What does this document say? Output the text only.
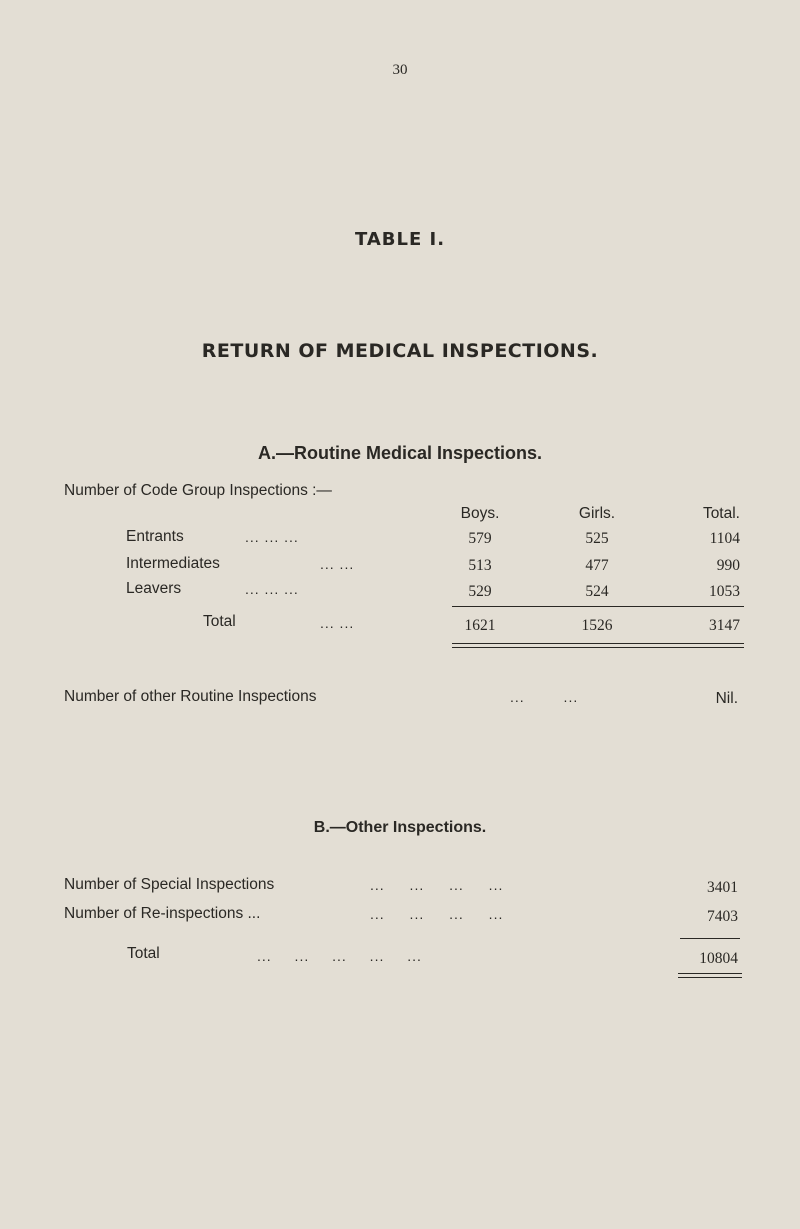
30
TABLE I.
RETURN OF MEDICAL INSPECTIONS.
A.—Routine Medical Inspections.
Number of Code Group Inspections :—
Boys.	Girls.	Total.
Entrants	... ... ...	579	525	1104
Intermediates	... ...	513	477	990
Leavers	... ... ...	529	524	1053
Total	... ...	1621	1526	3147
Number of other Routine Inspections	... ...	Nil.
B.—Other Inspections.
Number of Special Inspections	... ... ... ...	3401
Number of Re-inspections ...	... ... ... ...	7403
Total	... ... ... ... ...	10804
